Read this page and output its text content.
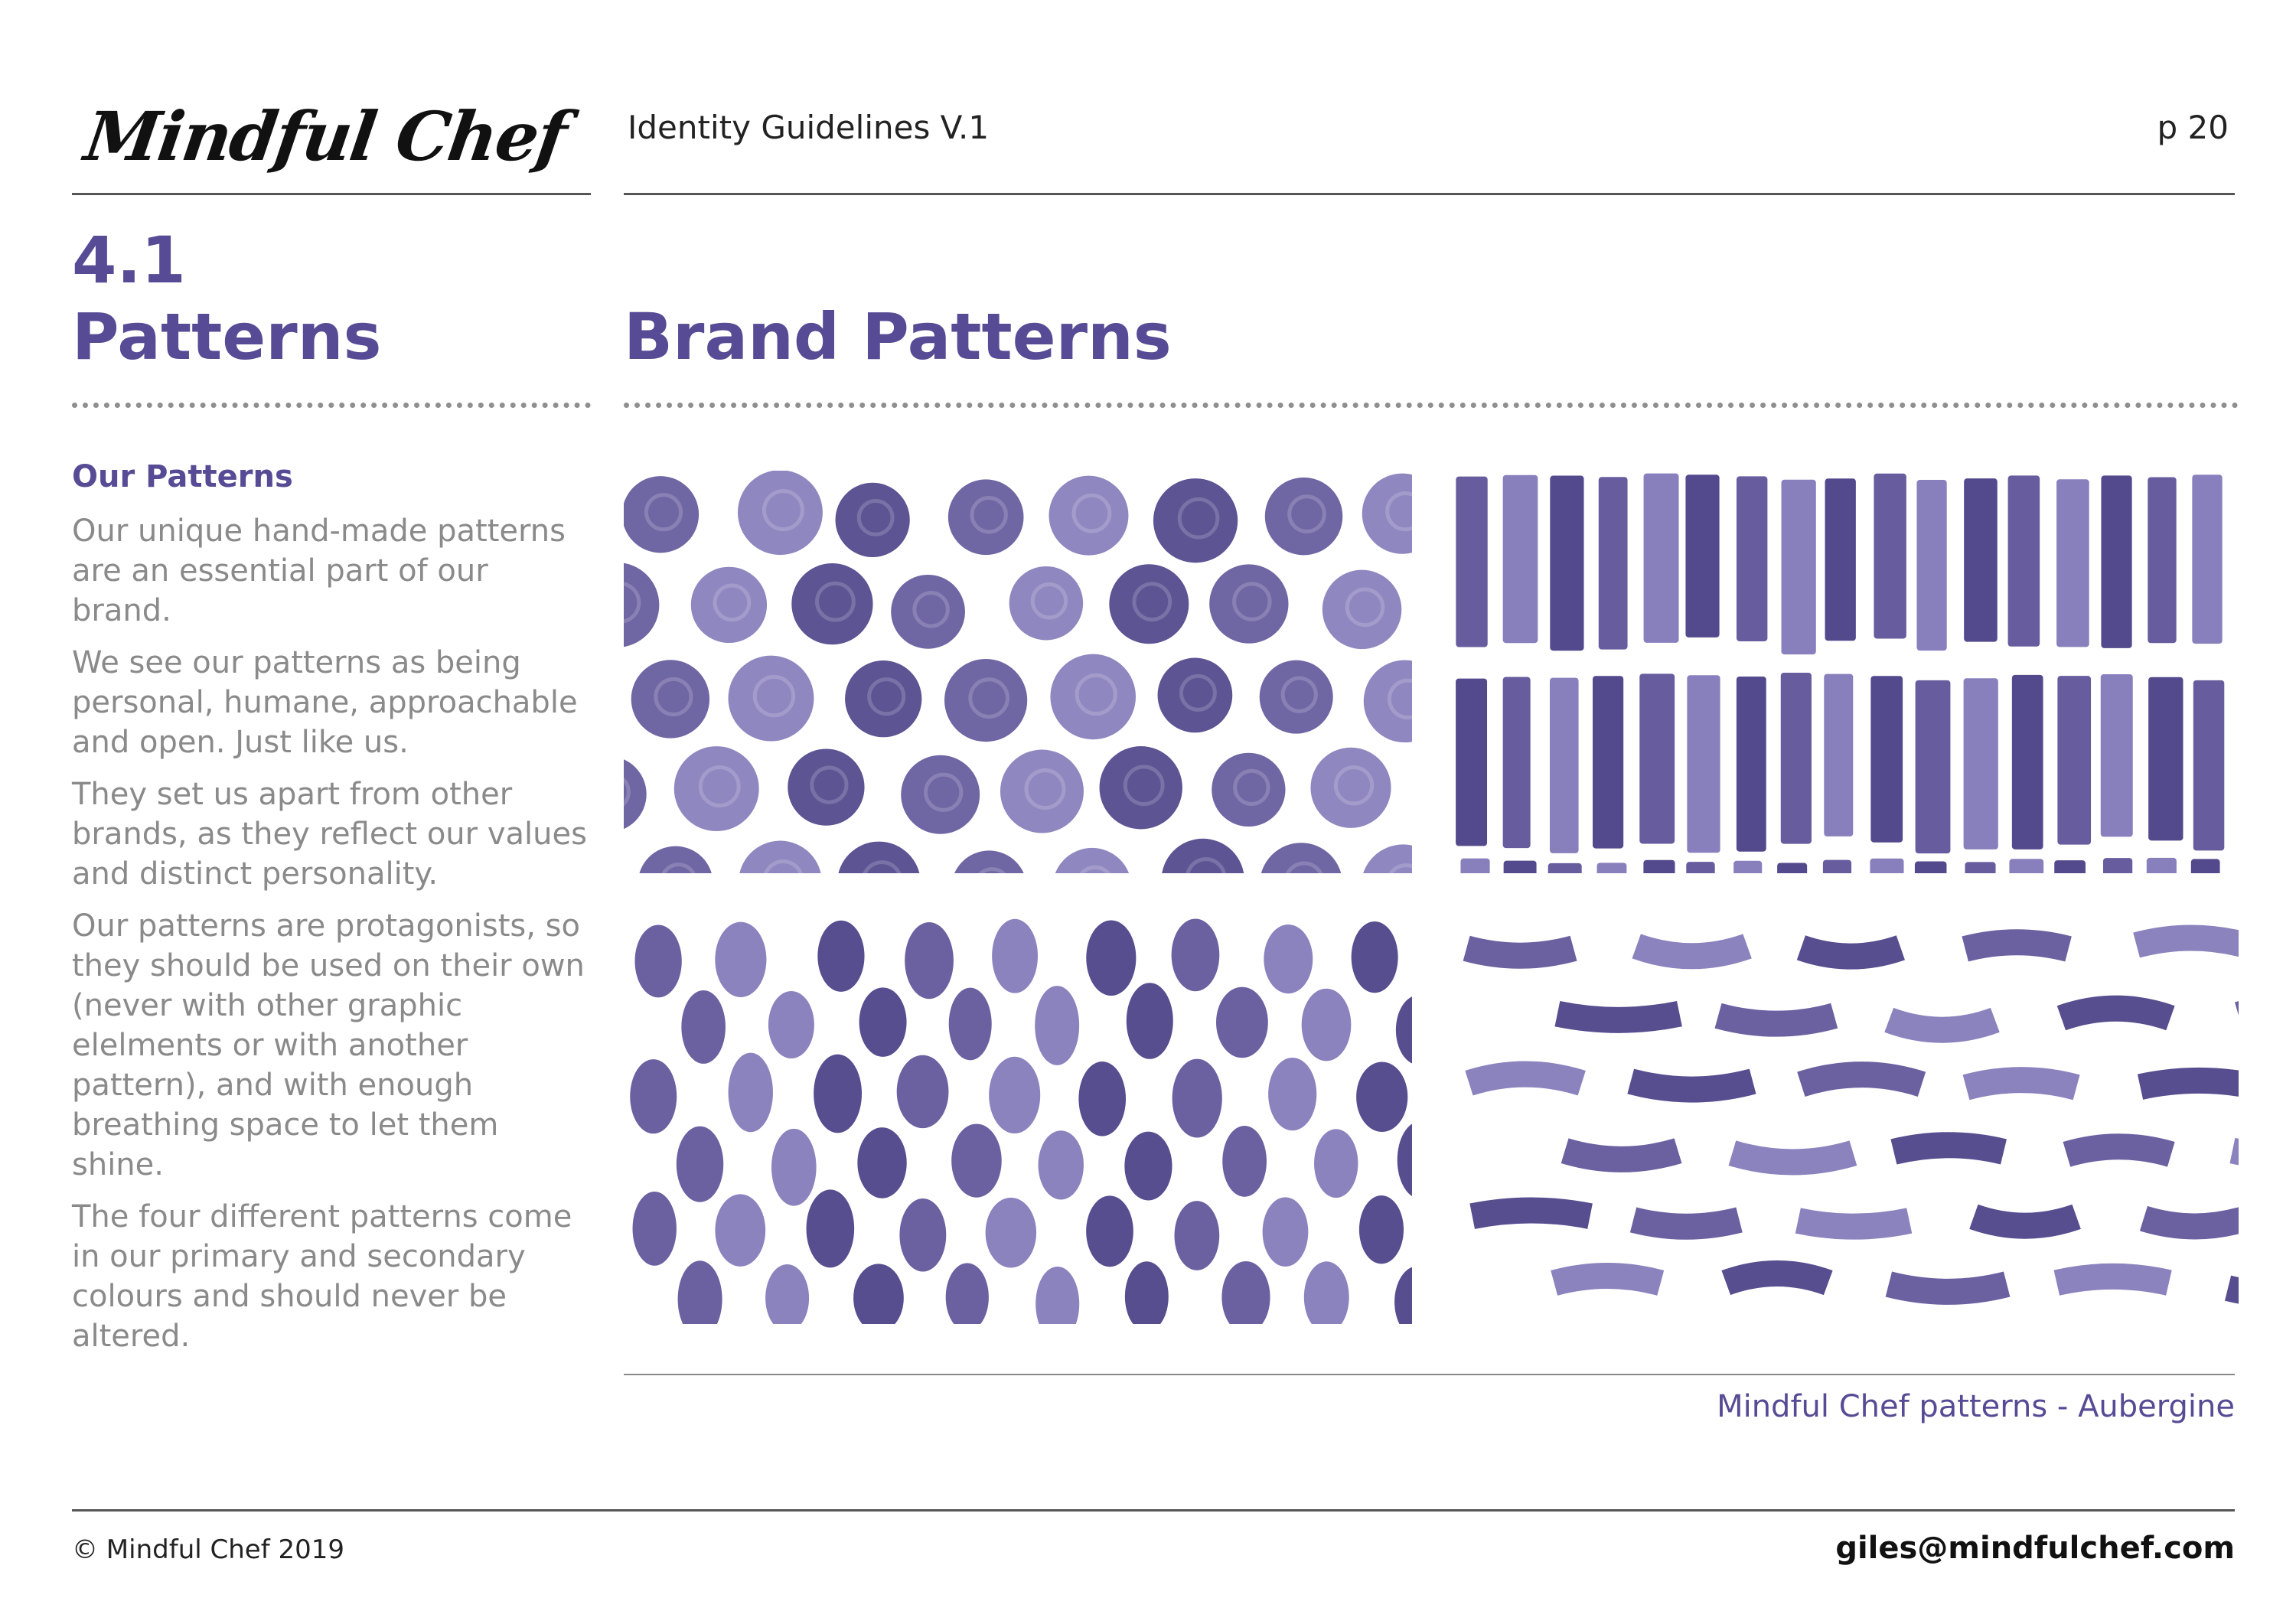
Mindful Chef Identity Guidelines V.1	p 20
4.1
Patterns	Brand Patterns
Our Patterns

Our unique hand-made patterns are an essential part of our brand.

We see our patterns as being personal, humane, approachable and open. Just like us.

They set us apart from other brands, as they reflect our values and distinct personality.

Our patterns are protagonists, so they should be used on their own (never with other graphic elelments or with another pattern), and with enough breathing space to let them shine.

The four different patterns come in our primary and secondary colours and should never be altered.

Mindful Chef patterns - Aubergine
© Mindful Chef 2019	giles@mindfulchef.com
